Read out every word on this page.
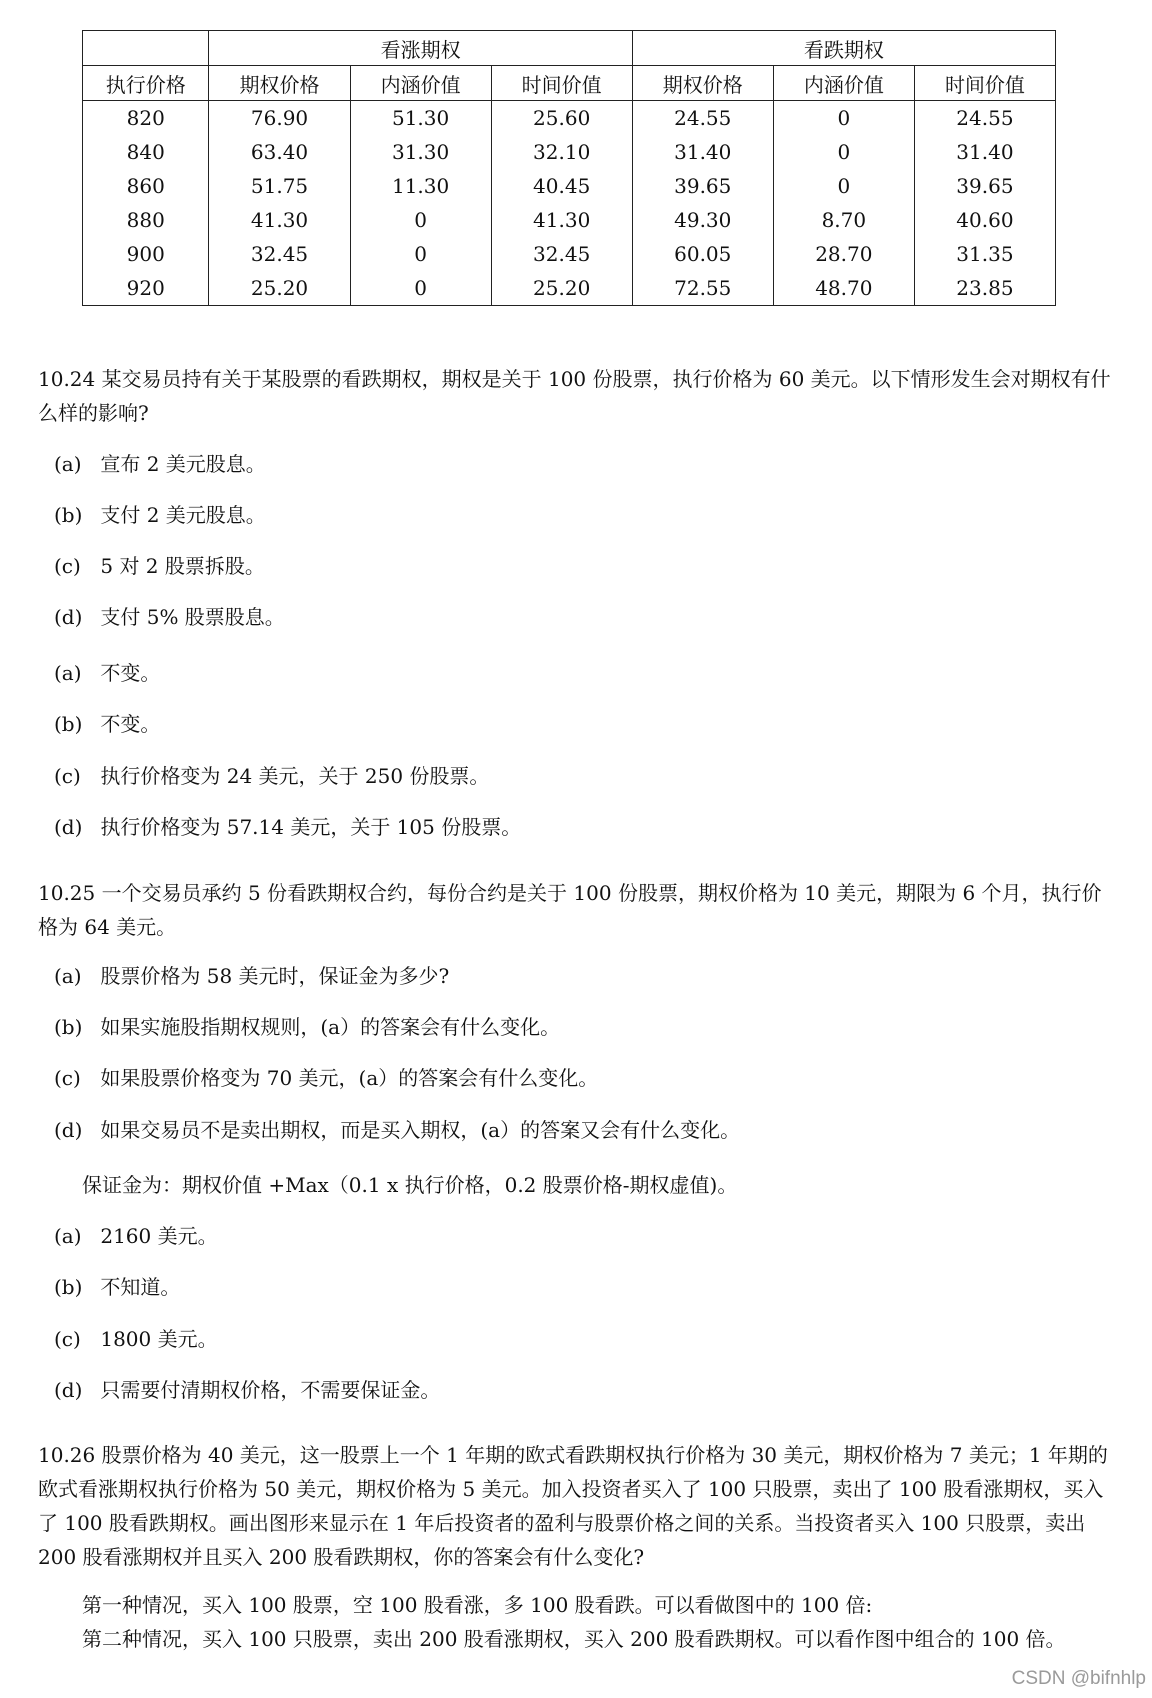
	看涨期权			看跌期权		
执行价格	期权价格	内涵价值	时间价值	期权价格	内涵价值	时间价值
820	76.90	51.30	25.60	24.55	0	24.55
840	63.40	31.30	32.10	31.40	0	31.40
860	51.75	11.30	40.45	39.65	0	39.65
880	41.30	0	41.30	49.30	8.70	40.60
900	32.45	0	32.45	60.05	28.70	31.35
920	25.20	0	25.20	72.55	48.70	23.85
10.24 某交易员持有关于某股票的看跌期权，期权是关于 100 份股票，执行价格为 60 美元。以下情形发生会对期权有什么样的影响?
(a) 宣布 2 美元股息。
(b) 支付 2 美元股息。
(c) 5 对 2 股票拆股。
(d) 支付 5% 股票股息。
(a) 不变。
(b) 不变。
(c) 执行价格变为 24 美元，关于 250 份股票。
(d) 执行价格变为 57.14 美元，关于 105 份股票。
10.25 一个交易员承约 5 份看跌期权合约，每份合约是关于 100 份股票，期权价格为 10 美元，期限为 6 个月，执行价格为 64 美元。
(a) 股票价格为 58 美元时，保证金为多少?
(b) 如果实施股指期权规则，(a）的答案会有什么变化。
(c) 如果股票价格变为 70 美元，(a）的答案会有什么变化。
(d) 如果交易员不是卖出期权，而是买入期权，(a）的答案又会有什么变化。
保证金为：期权价值 +Max（0.1 x 执行价格，0.2 股票价格-期权虚值)。
(a) 2160 美元。
(b) 不知道。
(c) 1800 美元。
(d) 只需要付清期权价格，不需要保证金。
10.26 股票价格为 40 美元，这一股票上一个 1 年期的欧式看跌期权执行价格为 30 美元，期权价格为 7 美元；1 年期的欧式看涨期权执行价格为 50 美元，期权价格为 5 美元。加入投资者买入了 100 只股票，卖出了 100 股看涨期权，买入了 100 股看跌期权。画出图形来显示在 1 年后投资者的盈利与股票价格之间的关系。当投资者买入 100 只股票，卖出 200 股看涨期权并且买入 200 股看跌期权，你的答案会有什么变化?
第一种情况，买入 100 股票，空 100 股看涨，多 100 股看跌。可以看做图中的 100 倍:
第二种情况，买入 100 只股票，卖出 200 股看涨期权，买入 200 股看跌期权。可以看作图中组合的 100 倍。
CSDN @bifnhlp
